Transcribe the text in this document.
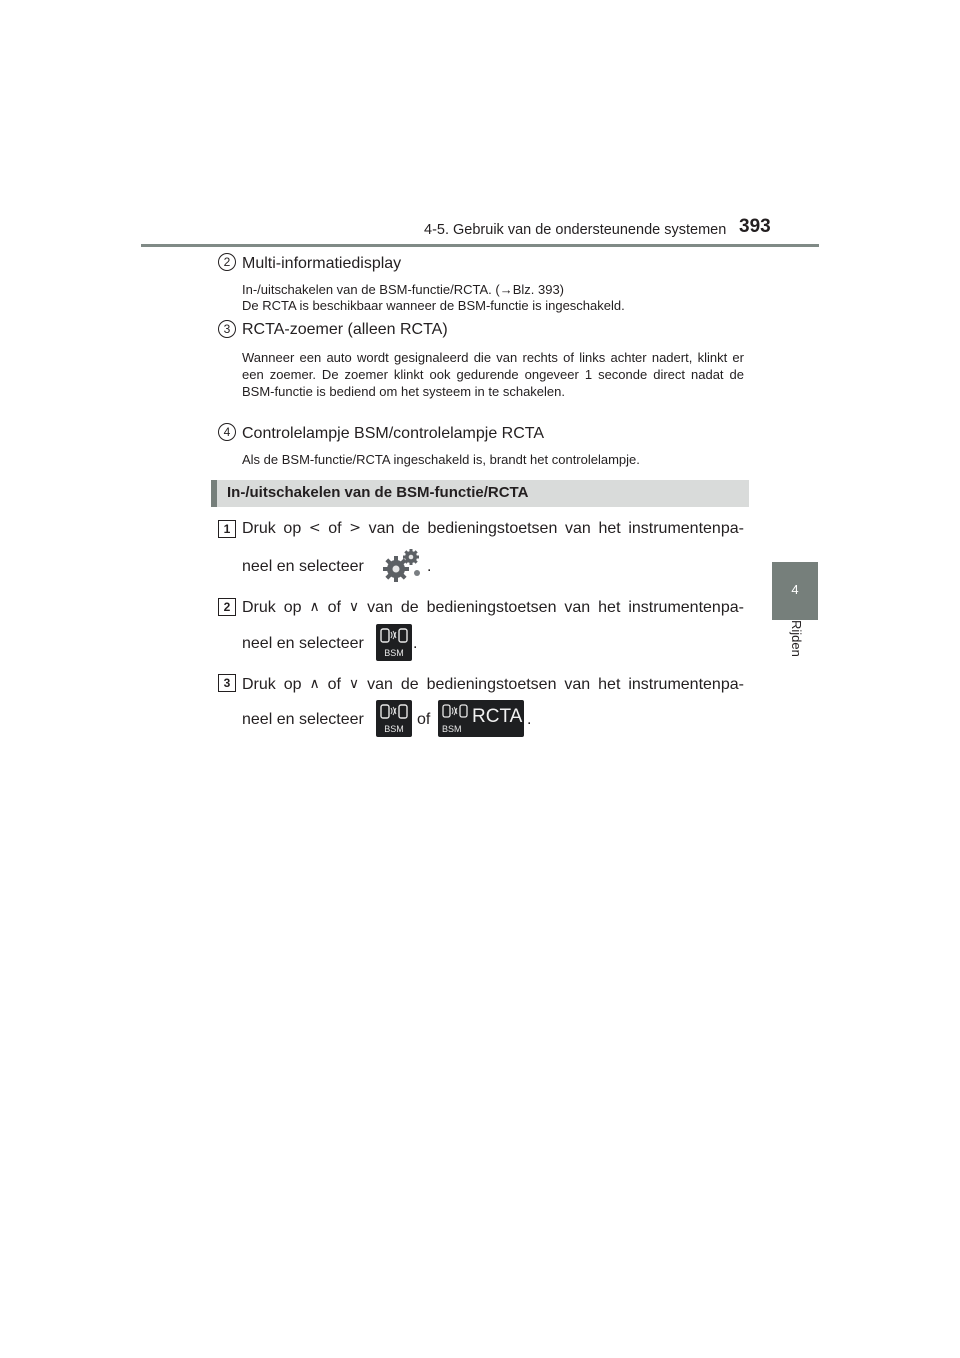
4-5. Gebruik van de ondersteunende systemen 393
4
Rijden
2 Multi-informatiedisplay
In-/uitschakelen van de BSM-functie/RCTA. (→Blz. 393)
De RCTA is beschikbaar wanneer de BSM-functie is ingeschakeld.
3 RCTA-zoemer (alleen RCTA)
Wanneer een auto wordt gesignaleerd die van rechts of links achter nadert, klinkt er een zoemer. De zoemer klinkt ook gedurende ongeveer 1 seconde direct nadat de BSM-functie is bediend om het systeem in te schakelen.
4 Controlelampje BSM/controlelampje RCTA
Als de BSM-functie/RCTA ingeschakeld is, brandt het controlelampje.
In-/uitschakelen van de BSM-functie/RCTA
1 Druk op < of > van de bedieningstoetsen van het instrumentenpa-
neel en selecteer	.
2 Druk op ∧ of ∨ van de bedieningstoetsen van het instrumentenpa-
neel en selecteer
BSM
.
3 Druk op ∧ of ∨ van de bedieningstoetsen van het instrumentenpa-
neel en selecteer
BSM
of RCTA
BSM
.
